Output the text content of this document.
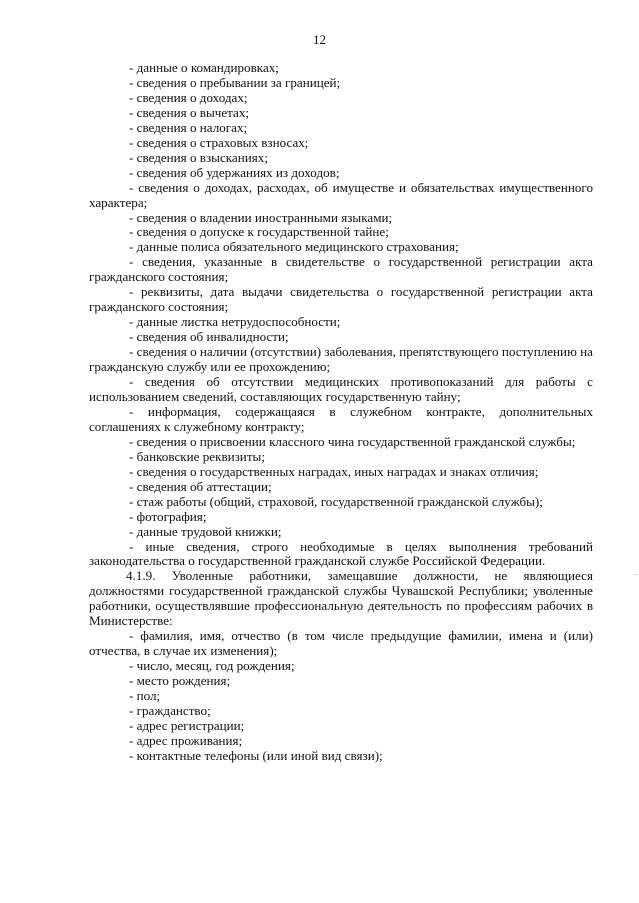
12

- данные о командировках;

- сведения о пребывании за границей;

- сведения о доходах;

- сведения о вычетах;

- сведения о налогах;

- сведения о страховых взносах;

- сведения о взысканиях;

- сведения об удержаниях из доходов;

- сведения о доходах, расходах, об имуществе и обязательствах имущественного характера;

- сведения о владении иностранными языками;

- сведения о допуске к государственной тайне;

- данные полиса обязательного медицинского страхования;

- сведения, указанные в свидетельстве о государственной регистрации акта гражданского состояния;

- реквизиты, дата выдачи свидетельства о государственной регистрации акта гражданского состояния;

- данные листка нетрудоспособности;

- сведения об инвалидности;

- сведения о наличии (отсутствии) заболевания, препятствующего поступлению на гражданскую службу или ее прохождению;

- сведения об отсутствии медицинских противопоказаний для работы с использованием сведений, составляющих государственную тайну;

- информация, содержащаяся в служебном контракте, дополнительных соглашениях к служебному контракту;

- сведения о присвоении классного чина государственной гражданской службы;

- банковские реквизиты;

- сведения о государственных наградах, иных наградах и знаках отличия;

- сведения об аттестации;

- стаж работы (общий, страховой, государственной гражданской службы);

- фотография;

- данные трудовой книжки;

- иные сведения, строго необходимые в целях выполнения требований законодательства о государственной гражданской службе Российской Федерации.

4.1.9. Уволенные работники, замещавшие должности, не являющиеся должностями государственной гражданской службы Чувашской Республики; уволенные работники, осуществлявшие профессиональную деятельность по профессиям рабочих в Министерстве:

- фамилия, имя, отчество (в том числе предыдущие фамилии, имена и (или) отчества, в случае их изменения);

- число, месяц, год рождения;

- место рождения;

- пол;

- гражданство;

- адрес регистрации;

- адрес проживания;

- контактные телефоны (или иной вид связи);
